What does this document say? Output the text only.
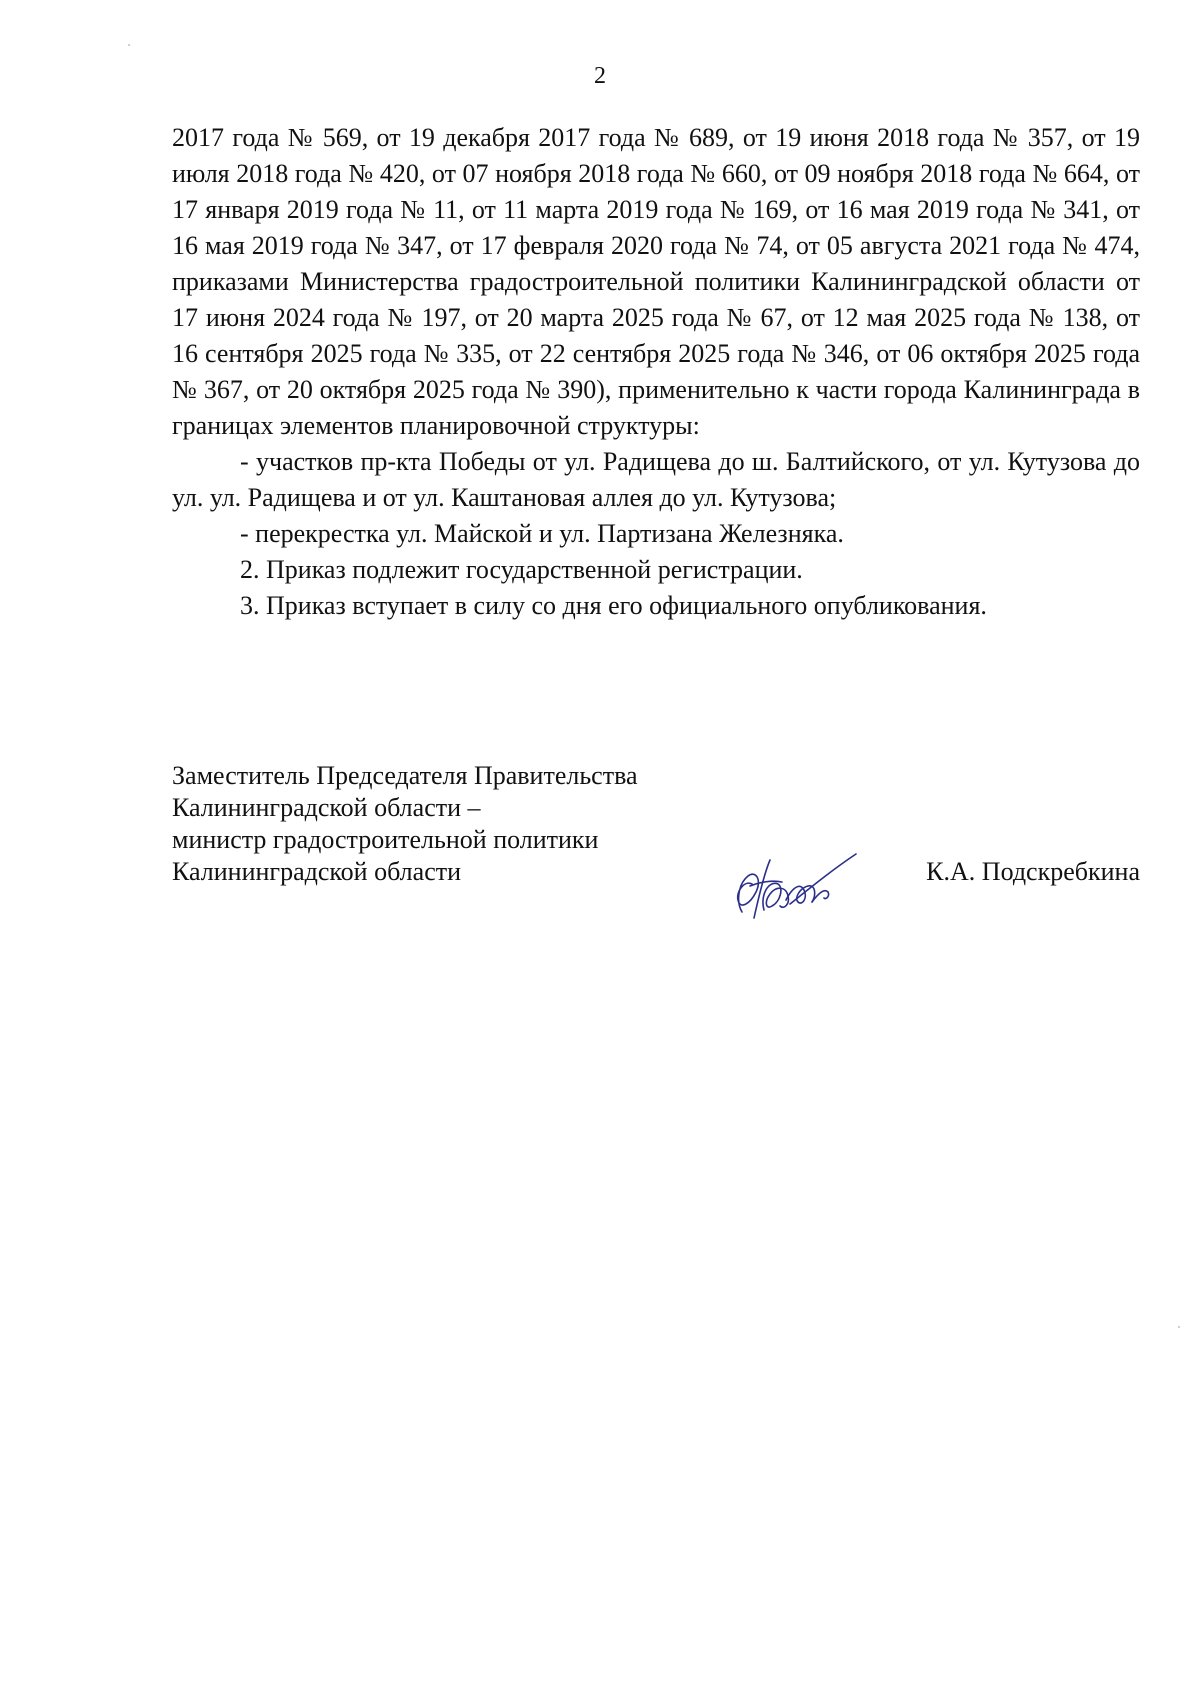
2

2017 года № 569, от 19 декабря 2017 года № 689, от 19 июня 2018 года № 357, от 19 июля 2018 года № 420, от 07 ноября 2018 года № 660, от 09 ноября 2018 года № 664, от 17 января 2019 года № 11, от 11 марта 2019 года № 169, от 16 мая 2019 года № 341, от 16 мая 2019 года № 347, от 17 февраля 2020 года № 74, от 05 августа 2021 года № 474, приказами Министерства градостроительной политики Калининградской области от 17 июня 2024 года № 197, от 20 марта 2025 года № 67, от 12 мая 2025 года № 138, от 16 сентября 2025 года № 335, от 22 сентября 2025 года № 346, от 06 октября 2025 года № 367, от 20 октября 2025 года № 390), применительно к части города Калининграда в границах элементов планировочной структуры:

- участков пр-кта Победы от ул. Радищева до ш. Балтийского, от ул. Кутузова до ул. ул. Радищева и от ул. Каштановая аллея до ул. Кутузова;

- перекрестка ул. Майской и ул. Партизана Железняка.

2. Приказ подлежит государственной регистрации.

3. Приказ вступает в силу со дня его официального опубликования.

Заместитель Председателя Правительства
Калининградской области –
министр градостроительной политики
Калининградской области	К.А. Подскребкина
